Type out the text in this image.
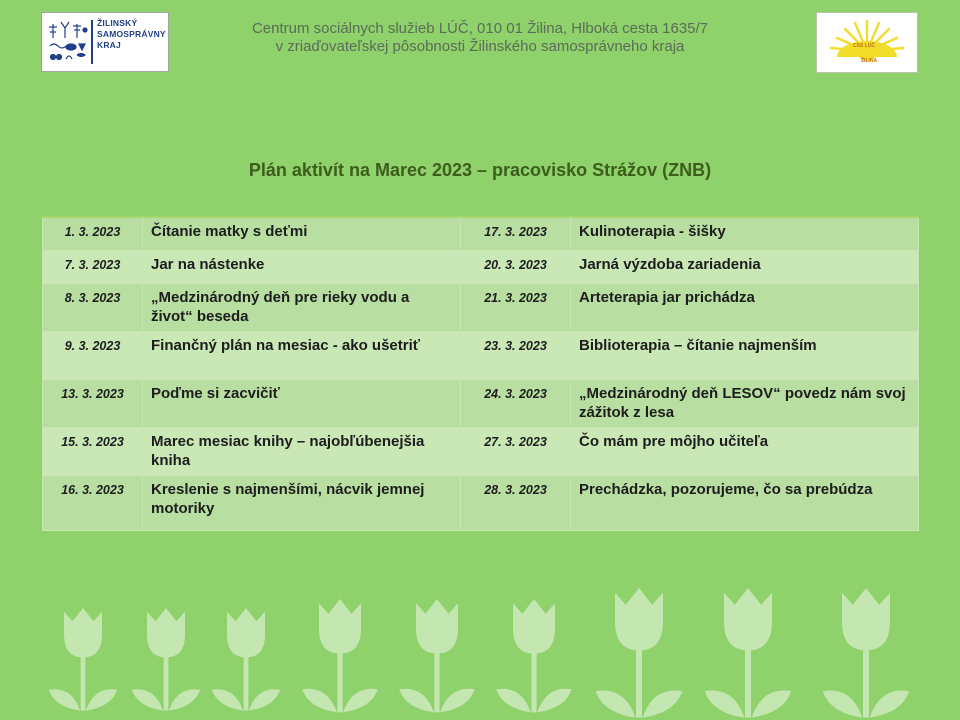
ŽILINSKÝ
SAMOSPRÁVNY
KRAJ
Centrum sociálnych služieb LÚČ, 010 01 Žilina, Hlboká cesta 1635/7
v zriaďovateľskej pôsobnosti Žilinského samosprávneho kraja	CSS LÚČ
ŽILINA
Plán aktivít na Marec 2023 – pracovisko Strážov (ZNB)
1. 3. 2023	Čítanie matky s deťmi	17. 3. 2023	Kulinoterapia - šišky
7. 3. 2023	Jar na nástenke	20. 3. 2023	Jarná výzdoba zariadenia
8. 3. 2023	„Medzinárodný deň pre rieky vodu a život“ beseda	21. 3. 2023	Arteterapia jar prichádza
9. 3. 2023	Finančný plán na mesiac - ako ušetriť	23. 3. 2023	Biblioterapia – čítanie najmenším
13. 3. 2023	Poďme si zacvičiť	24. 3. 2023	„Medzinárodný deň LESOV“ povedz nám svoj zážitok z lesa
15. 3. 2023	Marec mesiac knihy – najobľúbenejšia kniha	27. 3. 2023	Čo mám pre môjho učiteľa
16. 3. 2023	Kreslenie s najmenšími, nácvik jemnej motoriky	28. 3. 2023	Prechádzka, pozorujeme, čo sa prebúdza
